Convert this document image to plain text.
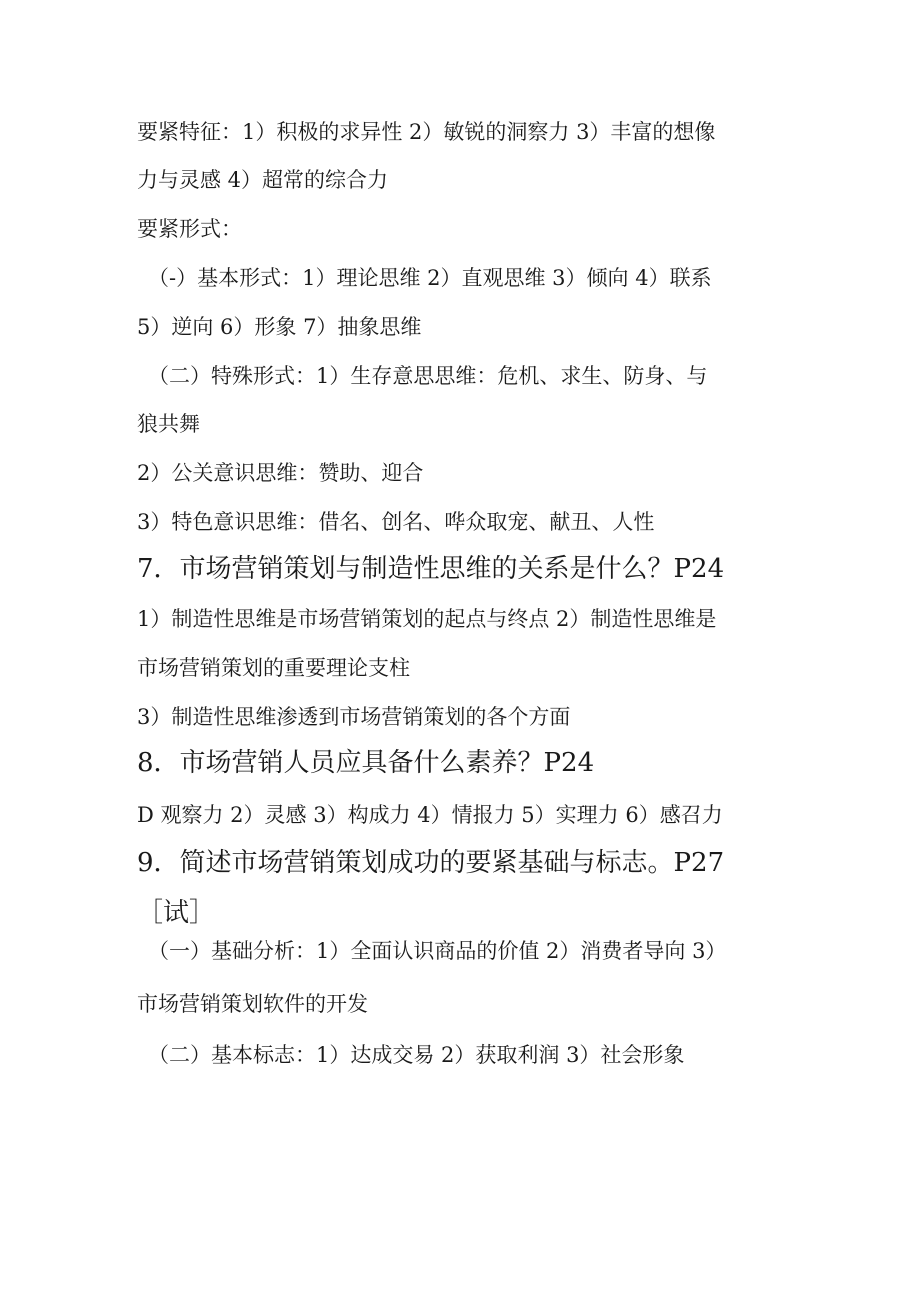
要紧特征：1）积极的求异性 2）敏锐的洞察力 3）丰富的想像
力与灵感 4）超常的综合力
要紧形式：
（-）基本形式：1）理论思维 2）直观思维 3）倾向 4）联系
5）逆向 6）形象 7）抽象思维
（二）特殊形式：1）生存意思思维：危机、求生、防身、与
狼共舞
2）公关意识思维：赞助、迎合
3）特色意识思维：借名、创名、哗众取宠、献丑、人性
7．市场营销策划与制造性思维的关系是什么？P24
1）制造性思维是市场营销策划的起点与终点 2）制造性思维是
市场营销策划的重要理论支柱
3）制造性思维渗透到市场营销策划的各个方面
8．市场营销人员应具备什么素养？P24
D 观察力 2）灵感 3）构成力 4）情报力 5）实理力 6）感召力
9．简述市场营销策划成功的要紧基础与标志。P27
［试］
（一）基础分析：1）全面认识商品的价值 2）消费者导向 3）
市场营销策划软件的开发
（二）基本标志：1）达成交易 2）获取利润 3）社会形象
